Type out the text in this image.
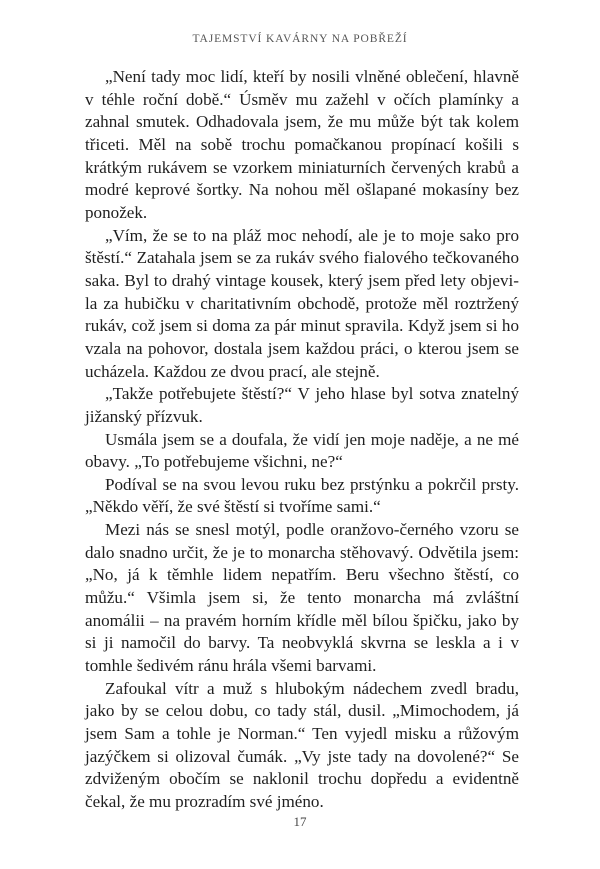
TAJEMSTVÍ KAVÁRNY NA POBŘEŽÍ

„Není tady moc lidí, kteří by nosili vlněné oblečení, hlavně v téhle roční době.“ Úsměv mu zažehl v očích plamínky a zahnal smutek. Odhadovala jsem, že mu může být tak kolem třiceti. Měl na sobě trochu pomačkanou propínací košili s krátkým rukávem se vzorkem miniaturních červených krabů a modré keprové šortky. Na nohou měl ošlapané mokasíny bez ponožek.

„Vím, že se to na pláž moc nehodí, ale je to moje sako pro štěstí.“ Zatahala jsem se za rukáv svého fialového tečkovaného saka. Byl to drahý vintage kousek, který jsem před lety objevila za hubičku v charitativním obchodě, protože měl roztržený rukáv, což jsem si doma za pár minut spravila. Když jsem si ho vzala na pohovor, dostala jsem každou práci, o kterou jsem se ucházela. Každou ze dvou prací, ale stejně.

„Takže potřebujete štěstí?“ V jeho hlase byl sotva znatelný jižanský přízvuk.

Usmála jsem se a doufala, že vidí jen moje naděje, a ne mé obavy. „To potřebujeme všichni, ne?“

Podíval se na svou levou ruku bez prstýnku a pokrčil prsty. „Někdo věří, že své štěstí si tvoříme sami.“

Mezi nás se snesl motýl, podle oranžovo-černého vzoru se dalo snadno určit, že je to monarcha stěhovavý. Odvětila jsem: „No, já k těmhle lidem nepatřím. Beru všechno štěstí, co můžu.“ Všimla jsem si, že tento monarcha má zvláštní anomálii – na pravém horním křídle měl bílou špičku, jako by si ji namočil do barvy. Ta neobvyklá skvrna se leskla a i v tomhle šedivém ránu hrála všemi barvami.

Zafoukal vítr a muž s hlubokým nádechem zvedl bradu, jako by se celou dobu, co tady stál, dusil. „Mimochodem, já jsem Sam a tohle je Norman.“ Ten vyjedl misku a růžovým jazýčkem si olizoval čumák. „Vy jste tady na dovolené?“ Se zdviženým obočím se naklonil trochu dopředu a evidentně čekal, že mu prozradím své jméno.

17
